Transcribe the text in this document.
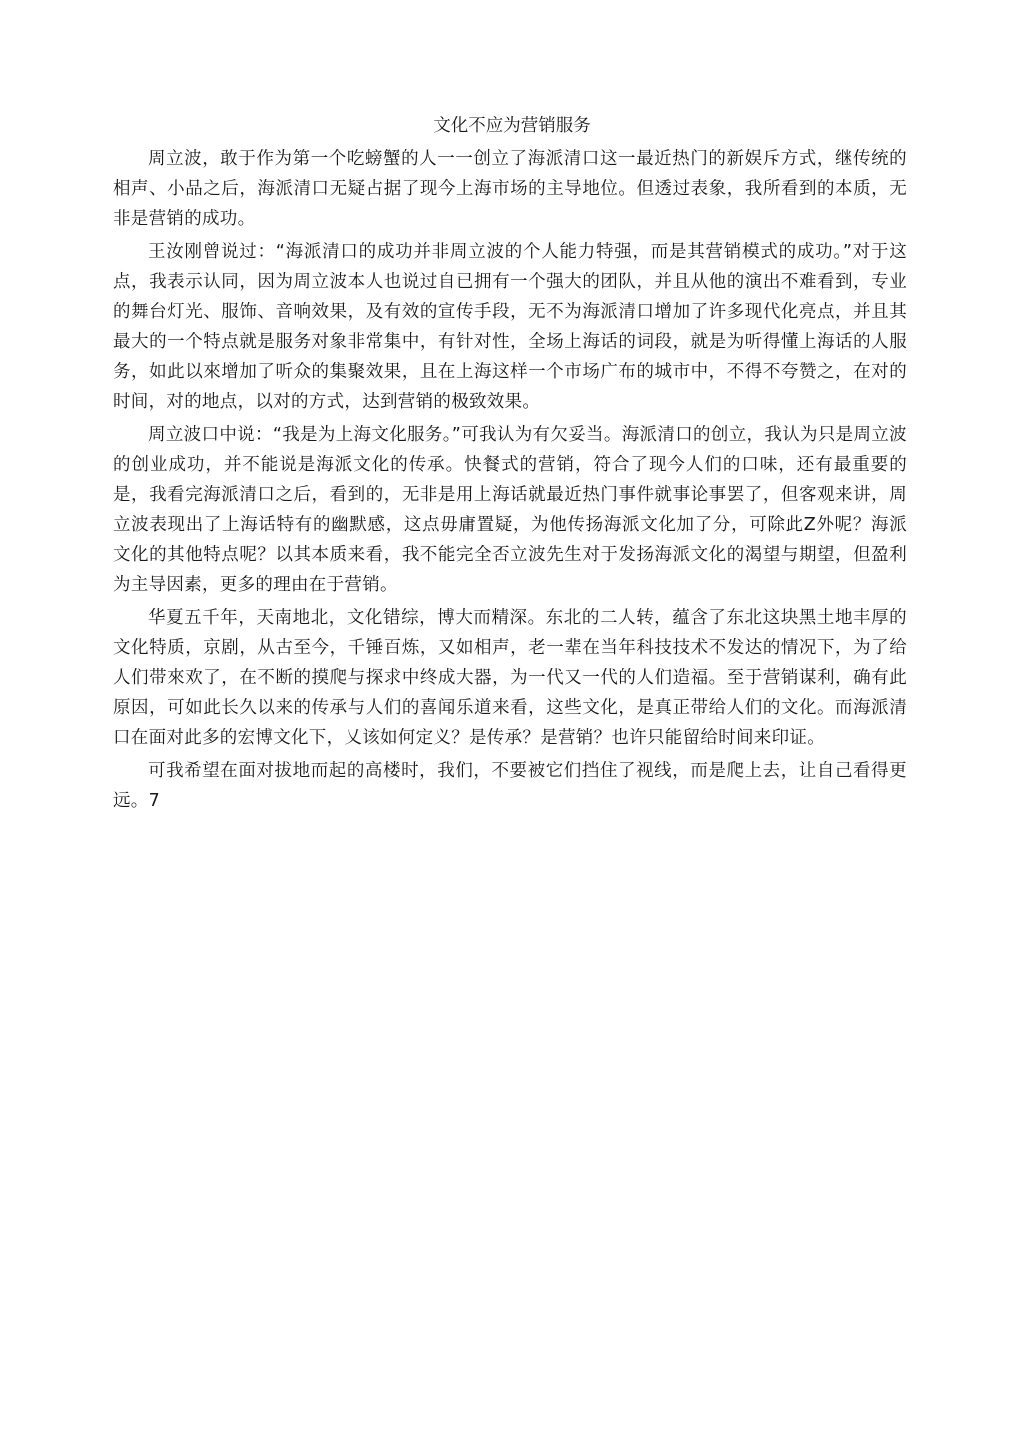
文化不应为营销服务

周立波，敢于作为第一个吃螃蟹的人一一创立了海派清口这一最近热门的新娱斥方式，继传统的相声、小品之后，海派清口无疑占据了现今上海市场的主导地位。但透过表象，我所看到的本质，无非是营销的成功。

王汝刚曾说过：“海派清口的成功并非周立波的个人能力特强，而是其营销模式的成功。”对于这点，我表示认同，因为周立波本人也说过自已拥有一个强大的团队，并且从他的演出不难看到，专业的舞台灯光、服饰、音响效果，及有效的宣传手段，无不为海派清口增加了许多现代化亮点，并且其最大的一个特点就是服务对象非常集中，有针对性，全场上海话的词段，就是为听得懂上海话的人服务，如此以來增加了听众的集聚效果，且在上海这样一个市场广布的城市中，不得不夸赞之，在对的时间，对的地点，以对的方式，达到营销的极致效果。

周立波口中说：“我是为上海文化服务。”可我认为有欠妥当。海派清口的创立，我认为只是周立波的创业成功，并不能说是海派文化的传承。快餐式的营销，符合了现今人们的口味，还有最重要的是，我看完海派清口之后，看到的，无非是用上海话就最近热门事件就事论事罢了，但客观来讲，周立波表现出了上海话特有的幽默感，这点毋庸置疑，为他传扬海派文化加了分，可除此Z外呢？海派文化的其他特点呢？以其本质来看，我不能完全否立波先生对于发扬海派文化的渴望与期望，但盈利为主导因素，更多的理由在于营销。

华夏五千年，天南地北，文化错综，博大而精深。东北的二人转，蕴含了东北这块黑土地丰厚的文化特质，京剧，从古至今，千锤百炼，又如相声，老一辈在当年科技技术不发达的情况下，为了给人们带來欢了，在不断的摸爬与探求中终成大器，为一代又一代的人们造福。至于营销谋利，确有此原因，可如此长久以来的传承与人们的喜闻乐道来看，这些文化，是真正带给人们的文化。而海派清口在面对此多的宏博文化下，乂该如何定义？是传承？是营销？也许只能留给时间来印证。

可我希望在面对拔地而起的高楼时，我们，不要被它们挡住了视线，而是爬上去，让自己看得更远。7
